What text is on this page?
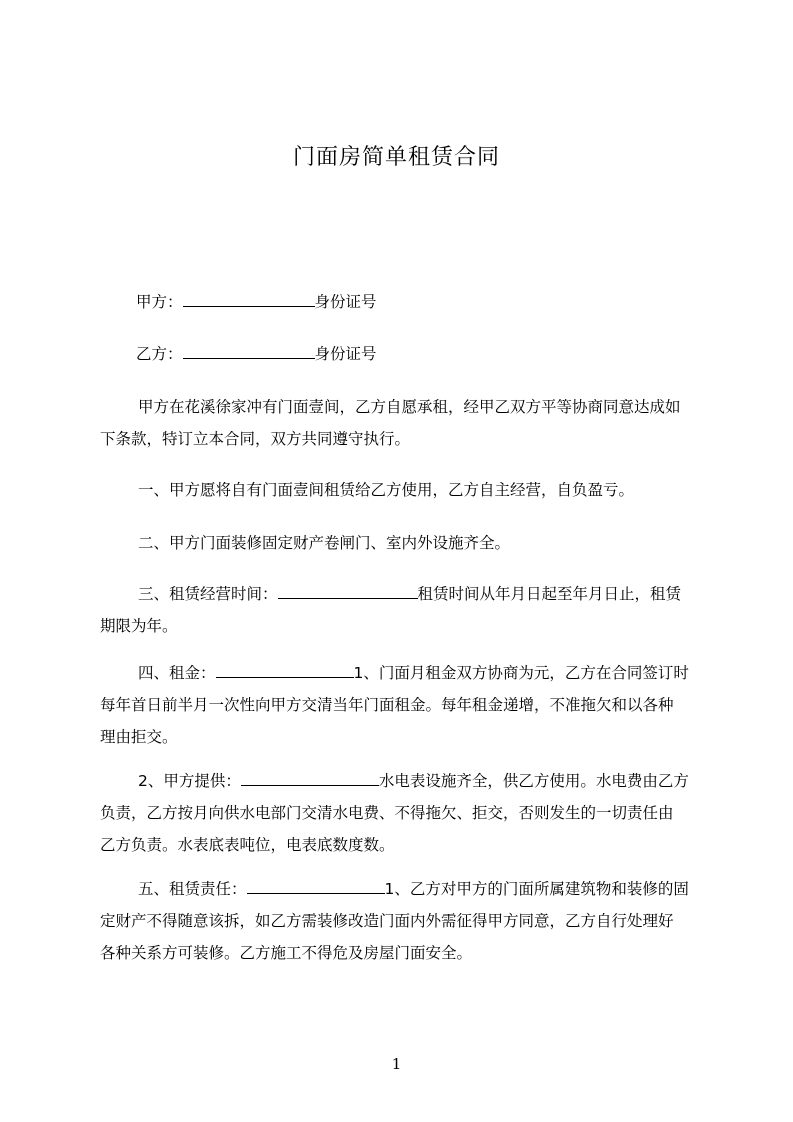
门面房简单租赁合同
甲方：	身份证号
乙方：	身份证号
甲方在花溪徐家冲有门面壹间，乙方自愿承租，经甲乙双方平等协商同意达成如
下条款，特订立本合同，双方共同遵守执行。
一、甲方愿将自有门面壹间租赁给乙方使用，乙方自主经营，自负盈亏。
二、甲方门面装修固定财产卷闸门、室内外设施齐全。
三、租赁经营时间：	租赁时间从年月日起至年月日止，租赁
期限为年。
四、租金：	1、门面月租金双方协商为元，乙方在合同签订时
每年首日前半月一次性向甲方交清当年门面租金。每年租金递增，不准拖欠和以各种
理由拒交。
2、甲方提供：	水电表设施齐全，供乙方使用。水电费由乙方
负责，乙方按月向供水电部门交清水电费、不得拖欠、拒交，否则发生的一切责任由
乙方负责。水表底表吨位，电表底数度数。
五、租赁责任：	1、乙方对甲方的门面所属建筑物和装修的固
定财产不得随意该拆，如乙方需装修改造门面内外需征得甲方同意，乙方自行处理好
各种关系方可装修。乙方施工不得危及房屋门面安全。
1
